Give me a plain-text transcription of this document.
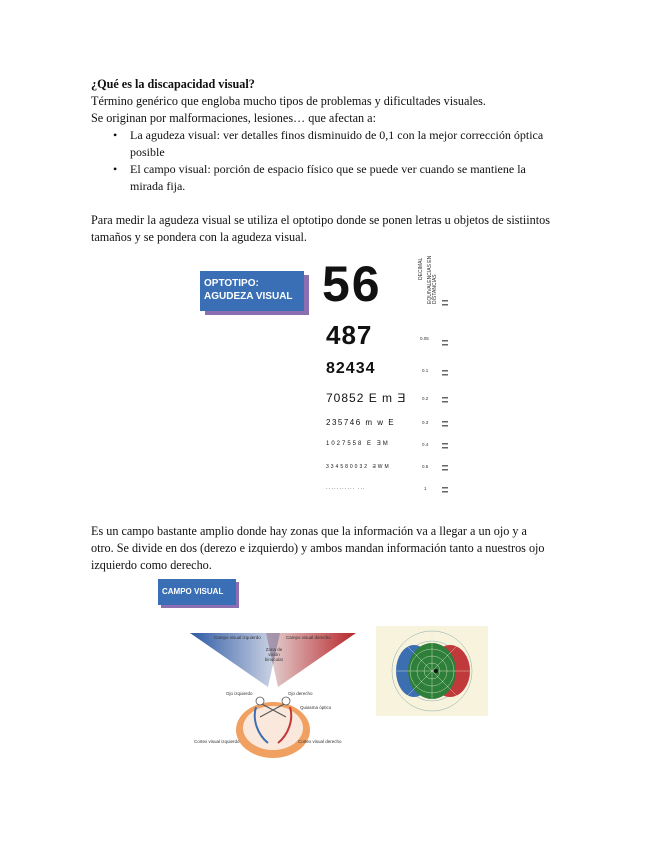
¿Qué es la discapacidad visual?
Término genérico que engloba mucho tipos de problemas y dificultades visuales.
Se originan por malformaciones, lesiones… que afectan a:
• La agudeza visual: ver detalles finos disminuido de 0,1 con la mejor corrección óptica
posible
• El campo visual: porción de espacio físico que se puede ver cuando se mantiene la
mirada fija.
Para medir la agudeza visual se utiliza el optotipo donde se ponen letras u objetos de sistiintos
tamaños y se pondera con la agudeza visual.
OPTOTIPO:
AGUDEZA VISUAL
DECIMAL EQUIVALENCIAS EN DISTANCIAS
56
487	0.05
82434	0.1
70852 E m Ǝ	0.2
235746 m w E	0.3
1027558 E ƎM	0.4
334580032 ƎWM	0.5
··········· ···	1
Es un campo bastante amplio donde hay zonas que la información va a llegar a un ojo y a
otro. Se divide en dos (derezo e izquierdo) y ambos mandan información tanto a nuestros ojo
izquierdo como derecho.
CAMPO VISUAL
Campo visual izquierdo	Campo visual derecho
Zona de visión binocular
Ojo izquierdo	Ojo derecho
Quiasma óptico
Cortex visual izquierdo	Cortex visual derecho
